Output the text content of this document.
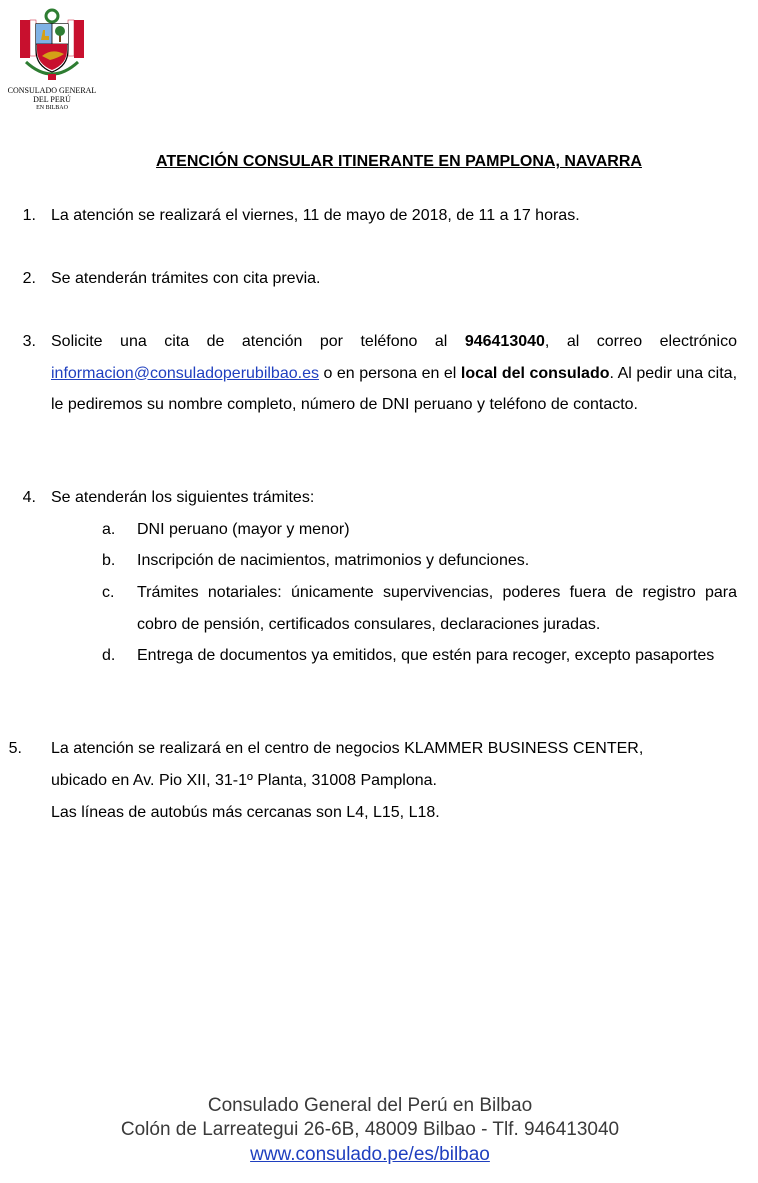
CONSULADO GENERAL
DEL PERÚ
EN BILBAO
ATENCIÓN CONSULAR ITINERANTE EN PAMPLONA, NAVARRA
1. La atención se realizará el viernes, 11 de mayo de 2018, de 11 a 17 horas.
2. Se atenderán trámites con cita previa.
3. Solicite una cita de atención por teléfono al 946413040, al correo electrónico informacion@consuladoperubilbao.es o en persona en el local del consulado. Al pedir una cita, le pediremos su nombre completo, número de DNI peruano y teléfono de contacto.
4. Se atenderán los siguientes trámites:
a.	DNI peruano (mayor y menor)
b.	Inscripción de nacimientos, matrimonios y defunciones.
c.	Trámites notariales: únicamente supervivencias, poderes fuera de registro para cobro de pensión, certificados consulares, declaraciones juradas.
d.	Entrega de documentos ya emitidos, que estén para recoger, excepto pasaportes
5. La atención se realizará en el centro de negocios KLAMMER BUSINESS CENTER,
ubicado en Av. Pio XII, 31-1º Planta, 31008 Pamplona.
Las líneas de autobús más cercanas son L4, L15, L18.
Consulado General del Perú en Bilbao
Colón de Larreategui 26-6B, 48009 Bilbao - Tlf. 946413040
www.consulado.pe/es/bilbao
